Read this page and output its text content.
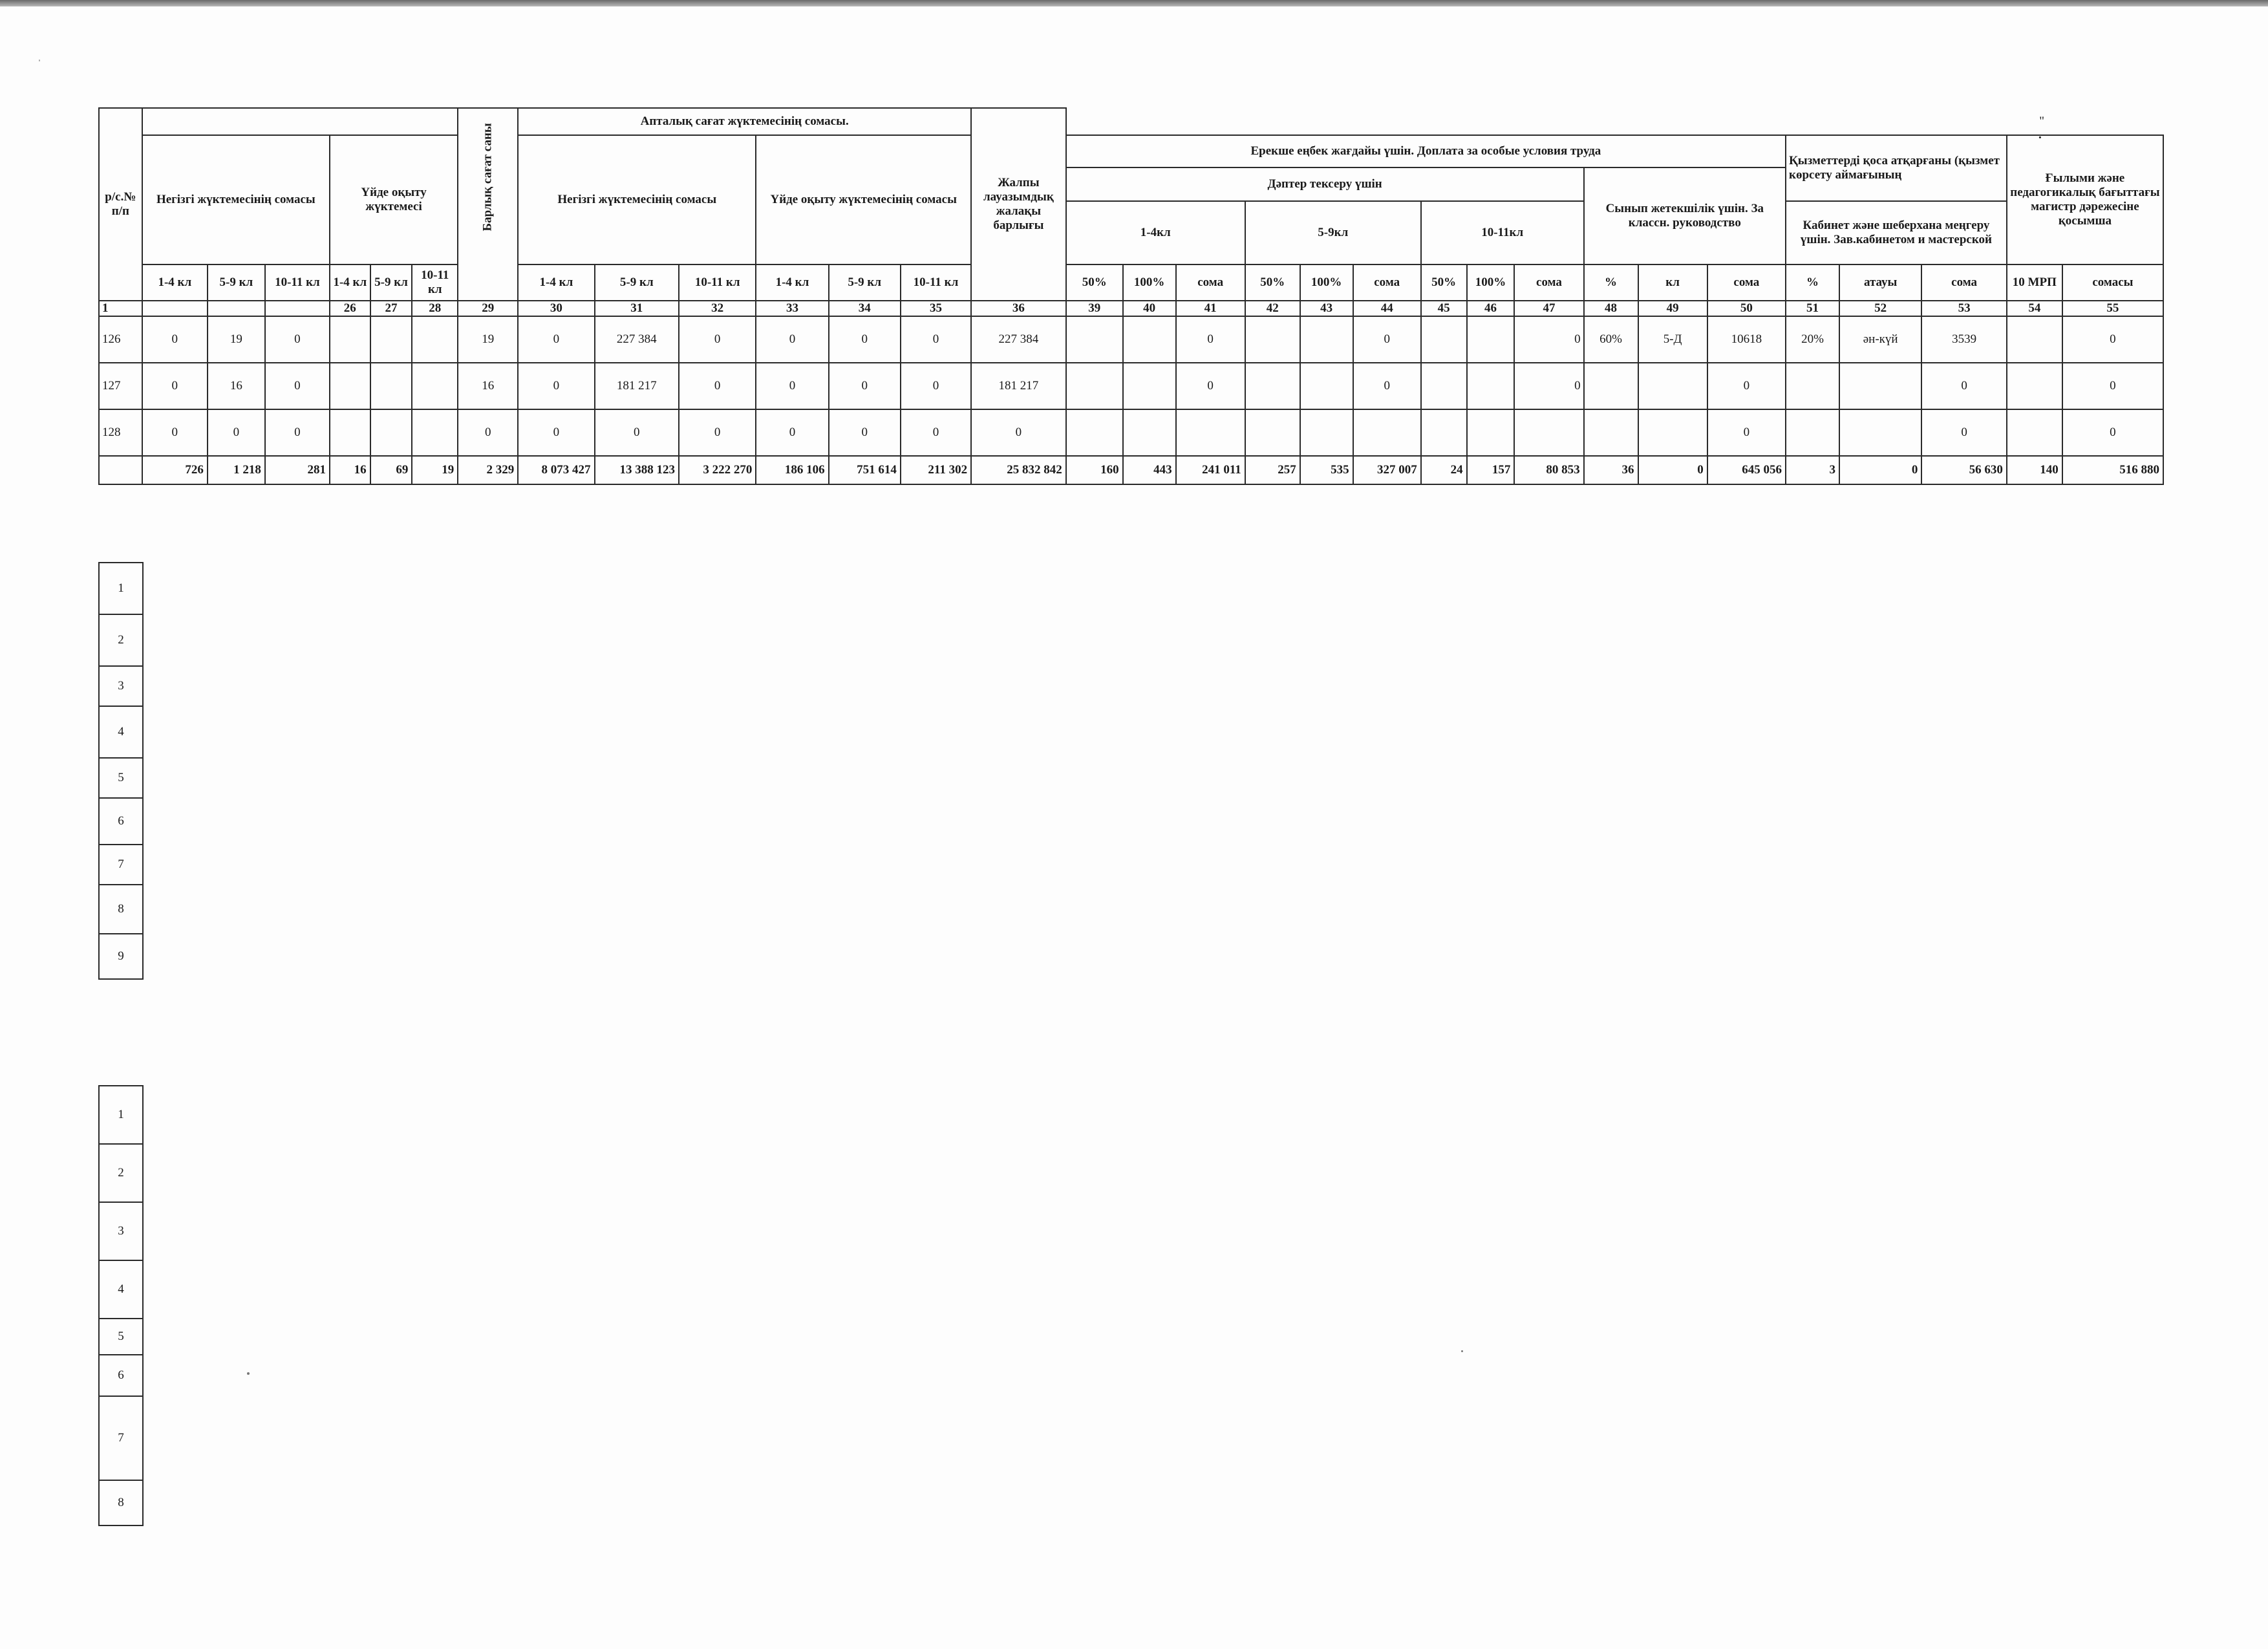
р/с.№ п/п							Барлық сағат саны	Апталық сағат жүктемесінің сомасы.						Жалпы лауазымдық жалақы барлығы	"																
	Негізгі жүктемесінің сомасы			Үйде оқыту жүктемесі				Негізгі жүктемесінің сомасы			Үйде оқыту жүктемесінің сомасы				Ерекше еңбек жағдайы үшін. Доплата за особые условия труда												Қызметтерді қоса атқарғаны (қызмет көрсету аймағының			Ғылыми және педагогикалық бағыттағы магистр дәрежесіне қосымша	
															Дәптер тексеру үшін									Сынып жетекшілік үшін. За классн. руководство							
															1-4кл			5-9кл			10-11кл						Кабинет және шеберхана меңгеру үшін. Зав.кабинетом и мастерской				
	1-4 кл	5-9 кл	10-11 кл	1-4 кл	5-9 кл	10-11 кл		1-4 кл	5-9 кл	10-11 кл	1-4 кл	5-9 кл	10-11 кл		50%	100%	сома	50%	100%	сома	50%	100%	сома	%	кл	сома	%	атауы	сома	10 МРП	сомасы
1				26	27	28	29	30	31	32	33	34	35	36	39	40	41	42	43	44	45	46	47	48	49	50	51	52	53	54	55
126	0	19	0				19	0	227 384	0	0	0	0	227 384			0			0			0	60%	5-Д	10618	20%	ән-күй	3539		0
127	0	16	0				16	0	181 217	0	0	0	0	181 217			0			0			0			0			0		0
128	0	0	0				0	0	0	0	0	0	0	0												0			0		0
	726	1 218	281	16	69	19	2 329	8 073 427	13 388 123	3 222 270	186 106	751 614	211 302	25 832 842	160	443	241 011	257	535	327 007	24	157	80 853	36	0	645 056	3	0	56 630	140	516 880
.
1
2
3
4
5
6
7
8
9
1
2
3
4
5
6
7
8
